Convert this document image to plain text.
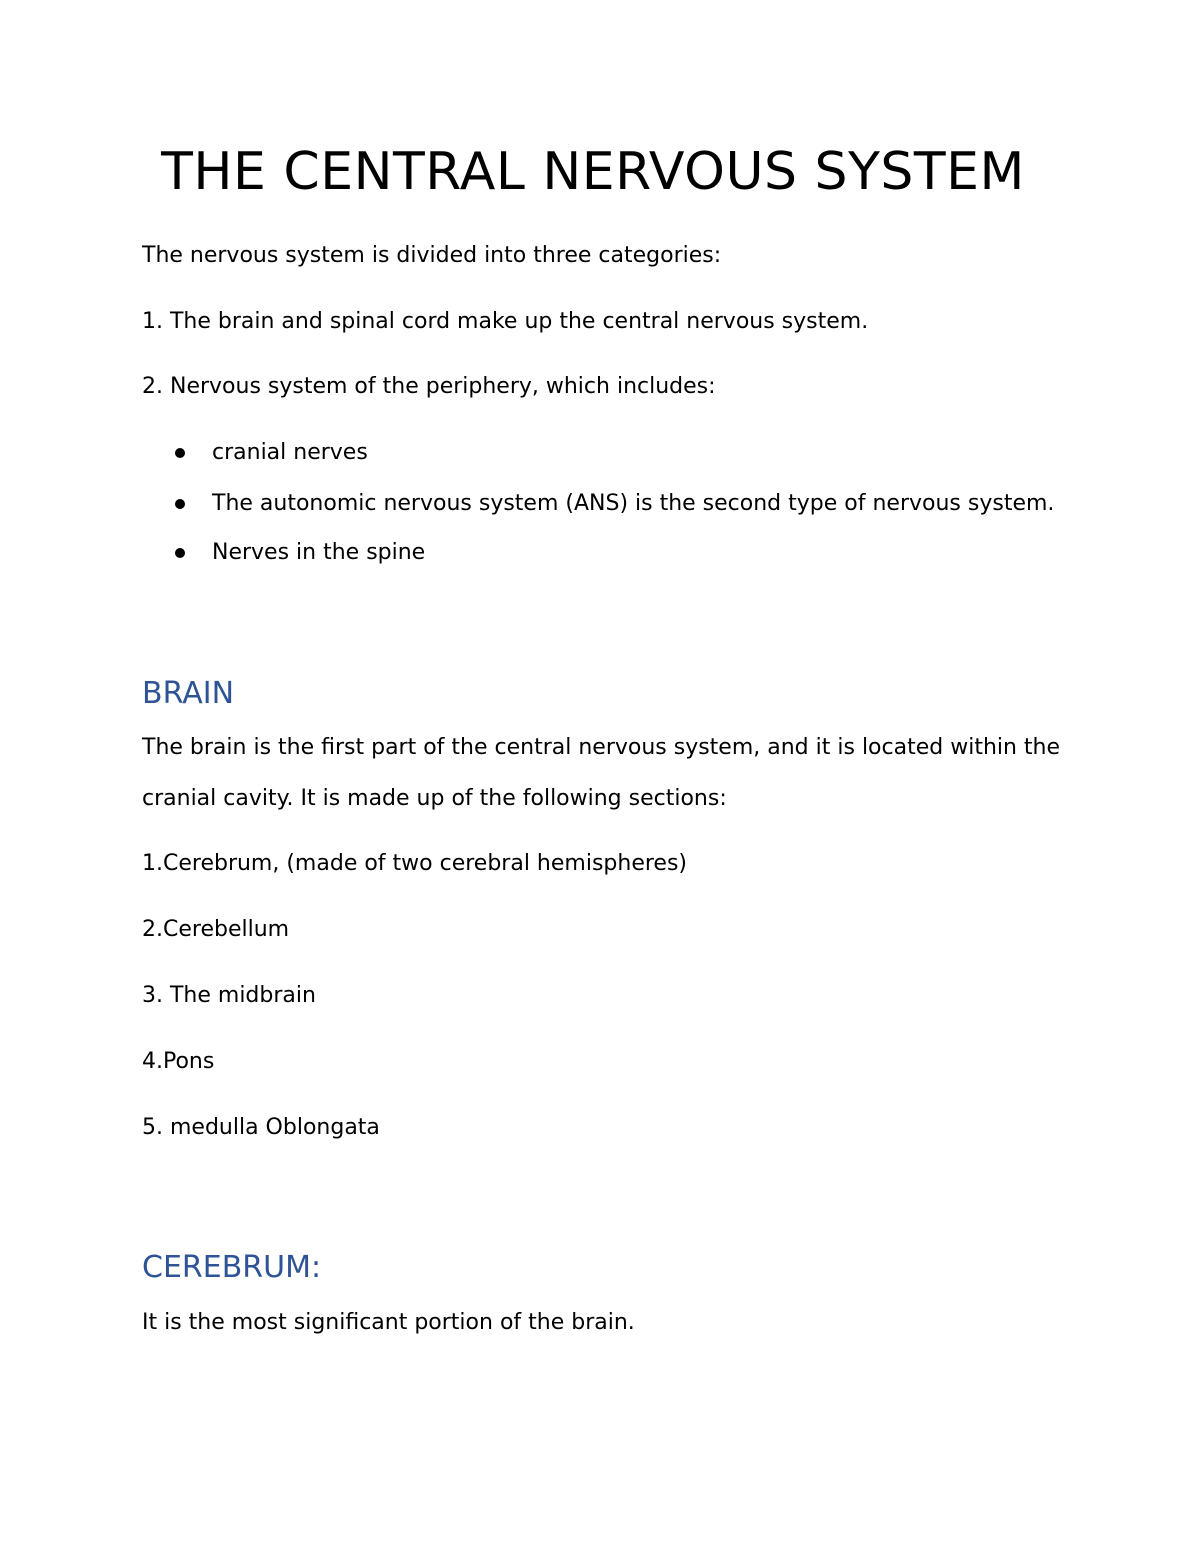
THE CENTRAL NERVOUS SYSTEM

The nervous system is divided into three categories:

1. The brain and spinal cord make up the central nervous system.

2. Nervous system of the periphery, which includes:

cranial nerves

The autonomic nervous system (ANS) is the second type of nervous system.

Nerves in the spine

BRAIN

The brain is the first part of the central nervous system, and it is located within the

cranial cavity. It is made up of the following sections:

1.Cerebrum, (made of two cerebral hemispheres)

2.Cerebellum

3. The midbrain

4.Pons

5. medulla Oblongata

CEREBRUM:

It is the most significant portion of the brain.
